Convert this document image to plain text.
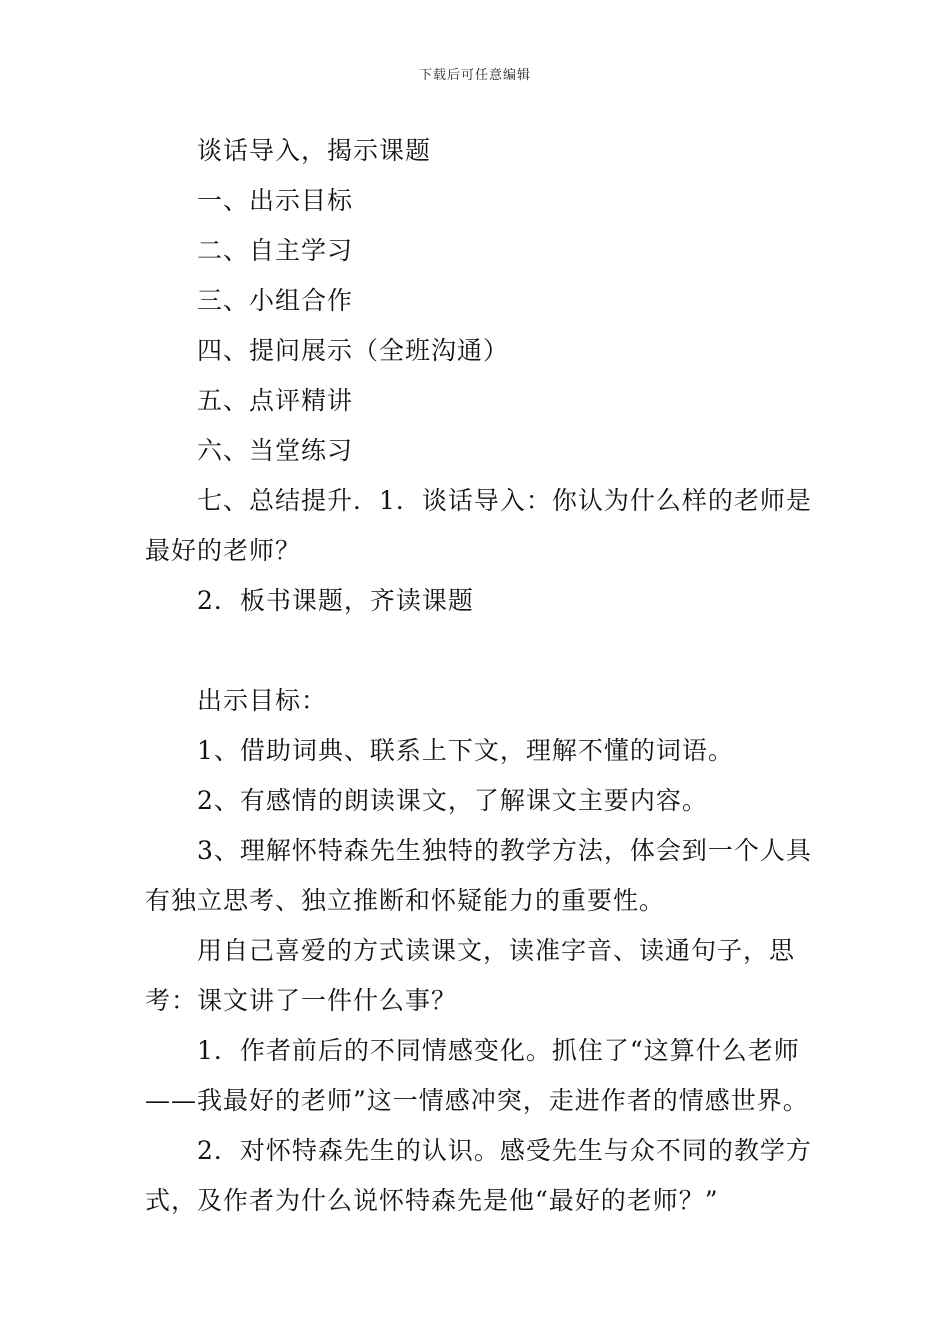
下载后可任意编辑

谈话导入，揭示课题

一、出示目标

二、自主学习

三、小组合作

四、提问展示（全班沟通）

五、点评精讲

六、当堂练习

七、总结提升．1．谈话导入：你认为什么样的老师是最好的老师？

2．板书课题，齐读课题

出示目标：

1、借助词典、联系上下文，理解不懂的词语。

2、有感情的朗读课文，了解课文主要内容。

3、理解怀特森先生独特的教学方法，体会到一个人具有独立思考、独立推断和怀疑能力的重要性。

用自己喜爱的方式读课文，读准字音、读通句子，思考：课文讲了一件什么事？

1．作者前后的不同情感变化。抓住了“这算什么老师——我最好的老师”这一情感冲突，走进作者的情感世界。

2．对怀特森先生的认识。感受先生与众不同的教学方式，及作者为什么说怀特森先是他“最好的老师？”
